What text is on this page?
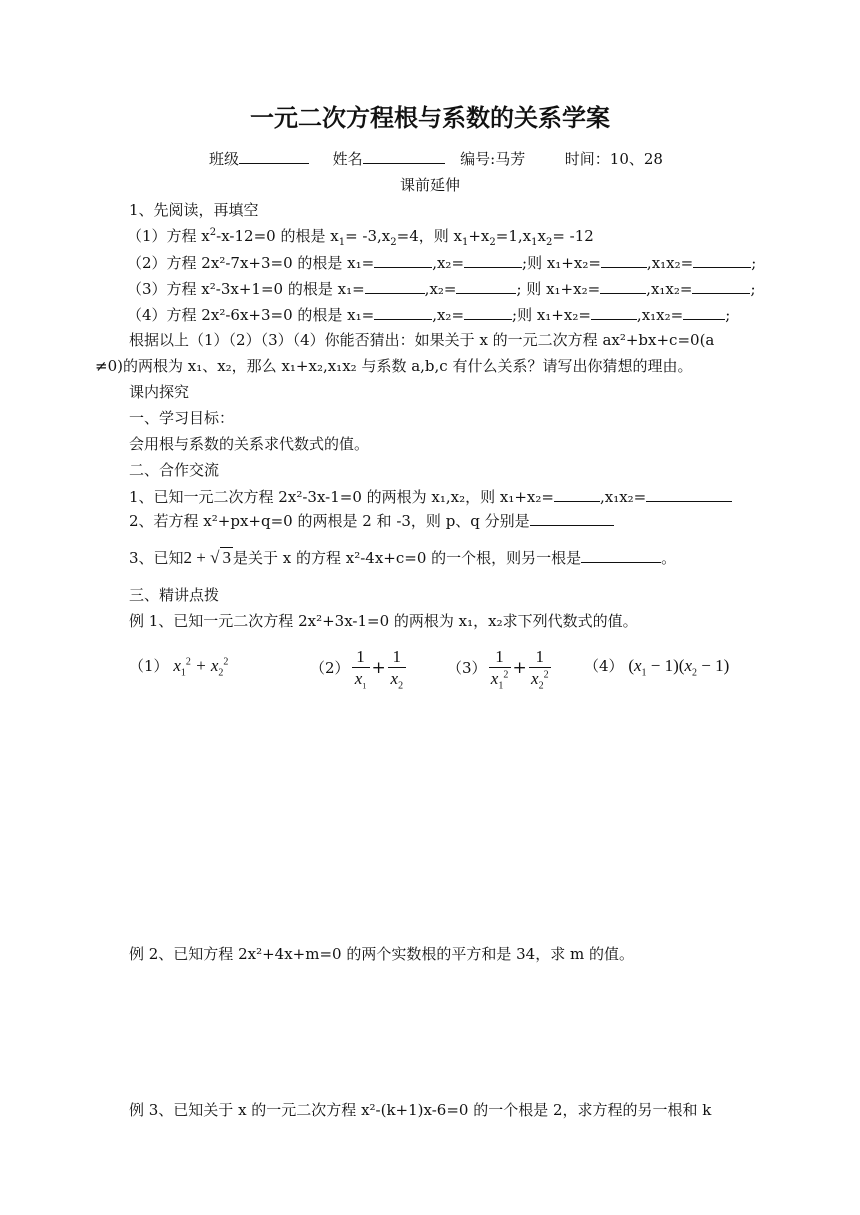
一元二次方程根与系数的关系学案
班级	姓名	编号:马芳	时间：10、28
课前延伸
1、先阅读，再填空
（1）方程 $x^2-x-12=0$ 的根是 $x_1= -3,x_2=4$，则 $x_1+x_2=1,x_1x_2= -12$
（2）方程 2x²-7x+3=0 的根是 x₁=	,x₂=	;则 x₁+x₂=	,x₁x₂=	;
（3）方程 x²-3x+1=0 的根是 x₁=	,x₂=	; 则 x₁+x₂=	,x₁x₂=	;
（4）方程 2x²-6x+3=0 的根是 x₁=	,x₂=	;则 x₁+x₂=	,x₁x₂=	;
根据以上（1）（2）（3）（4）你能否猜出：如果关于 x 的一元二次方程 ax²+bx+c=0(a
≠0)的两根为 x₁、x₂，那么 x₁+x₂,x₁x₂ 与系数 a,b,c 有什么关系？请写出你猜想的理由。
课内探究
一、学习目标：
会用根与系数的关系求代数式的值。
二、合作交流
1、已知一元二次方程 2x²-3x-1=0 的两根为 x₁,x₂，则 x₁+x₂=	,x₁x₂=
2、若方程 x²+px+q=0 的两根是 2 和 -3，则 p、q 分别是
3、已知2 + √ 3 是关于 x 的方程 x²-4x+c=0 的一个根，则另一根是	。
三、精讲点拨
例 1、已知一元二次方程 2x²+3x-1=0 的两根为 x₁，x₂求下列代数式的值。
（1） $x_1^2 + x_2^2$	$(2) \frac{1}{x_1} + \frac{1}{x_2}$	$(3) \frac{1}{x_1^2} + \frac{1}{x_2^2} (4) (x_1 - 1)(x_2 - 1)$
例 2、已知方程 2x²+4x+m=0 的两个实数根的平方和是 34，求 m 的值。
例 3、已知关于 x 的一元二次方程 x²-(k+1)x-6=0 的一个根是 2，求方程的另一根和 k
